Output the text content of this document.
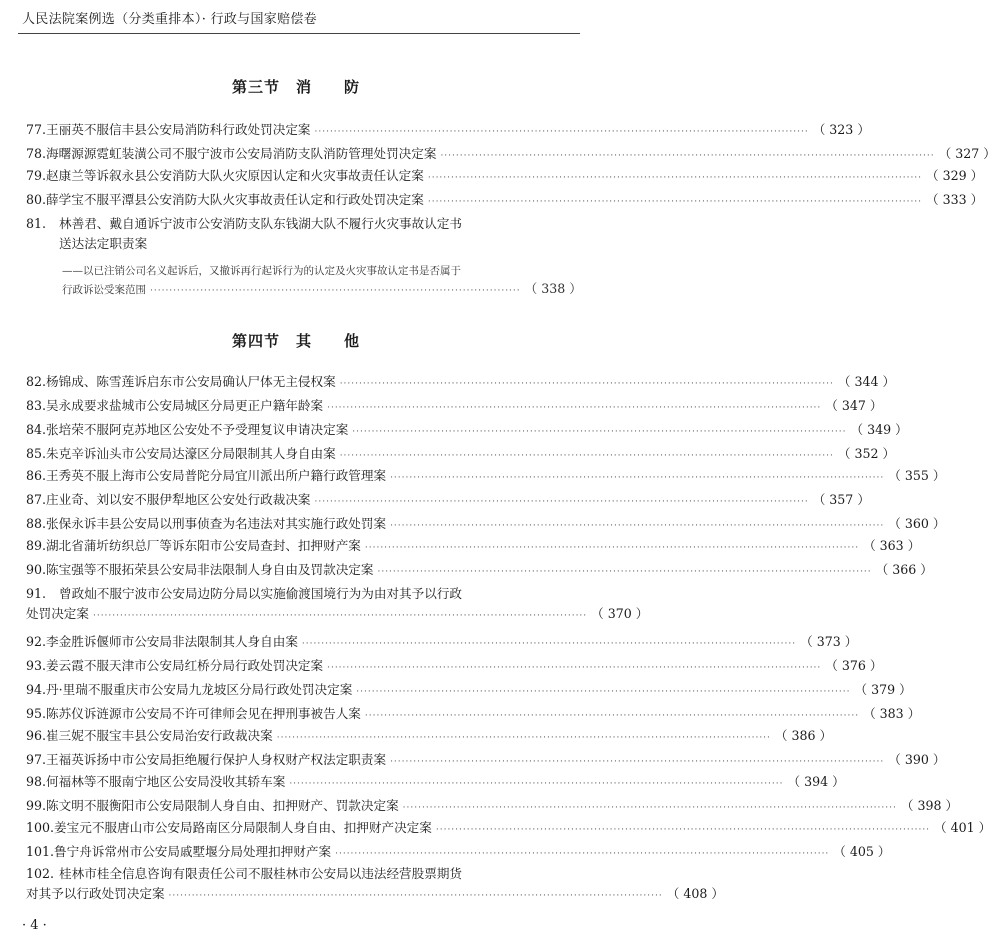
人民法院案例选（分类重排本）· 行政与国家赔偿卷
第三节　消　　防
77. 王丽英不服信丰县公安局消防科行政处罚决定案 ································································································································ （ 323 ）
78. 海曙源源霓虹装潢公司不服宁波市公安局消防支队消防管理处罚决定案 ································································································································ （ 327 ）
79. 赵康兰等诉叙永县公安消防大队火灾原因认定和火灾事故责任认定案 ································································································································ （ 329 ）
80. 薛学宝不服平潭县公安消防大队火灾事故责任认定和行政处罚决定案 ································································································································ （ 333 ）
81.	林善君、戴自通诉宁波市公安消防支队东钱湖大队不履行火灾事故认定书
送达法定职责案
82. 杨锦成、陈雪莲诉启东市公安局确认尸体无主侵权案 ································································································································ （ 344 ）
83. 吴永成要求盐城市公安局城区分局更正户籍年龄案 ································································································································ （ 347 ）
84. 张培荣不服阿克苏地区公安处不予受理复议申请决定案 ································································································································ （ 349 ）
85. 朱克辛诉汕头市公安局达濠区分局限制其人身自由案 ································································································································ （ 352 ）
86. 王秀英不服上海市公安局普陀分局宜川派出所户籍行政管理案 ································································································································ （ 355 ）
87. 庄业奇、刘以安不服伊犁地区公安处行政裁决案 ································································································································ （ 357 ）
88. 张保永诉丰县公安局以刑事侦查为名违法对其实施行政处罚案 ································································································································ （ 360 ）
89. 湖北省蒲圻纺织总厂等诉东阳市公安局查封、扣押财产案 ································································································································ （ 363 ）
90. 陈宝强等不服拓荣县公安局非法限制人身自由及罚款决定案 ································································································································ （ 366 ）
91.	曾政灿不服宁波市公安局边防分局以实施偷渡国境行为为由对其予以行政
处罚决定案 ································································································································ （ 370 ）
92. 李金胜诉偃师市公安局非法限制其人身自由案 ································································································································ （ 373 ）
93. 姜云霞不服天津市公安局红桥分局行政处罚决定案 ································································································································ （ 376 ）
94. 丹·里瑞不服重庆市公安局九龙坡区分局行政处罚决定案 ································································································································ （ 379 ）
95. 陈苏仪诉涟源市公安局不许可律师会见在押刑事被告人案 ································································································································ （ 383 ）
96. 崔三妮不服宝丰县公安局治安行政裁决案 ································································································································ （ 386 ）
97. 王福英诉扬中市公安局拒绝履行保护人身权财产权法定职责案 ································································································································ （ 390 ）
98. 何福林等不服南宁地区公安局没收其轿车案 ································································································································ （ 394 ）
99. 陈文明不服衡阳市公安局限制人身自由、扣押财产、罚款决定案 ································································································································ （ 398 ）
100. 姜宝元不服唐山市公安局路南区分局限制人身自由、扣押财产决定案 ································································································································ （ 401 ）
101. 鲁宁舟诉常州市公安局戚墅堰分局处理扣押财产案 ································································································································ （ 405 ）
102. 桂林市桂全信息咨询有限责任公司不服桂林市公安局以违法经营股票期货
对其予以行政处罚决定案 ································································································································ （ 408 ）
——以已注销公司名义起诉后，又撤诉再行起诉行为的认定及火灾事故认定书是否属于
行政诉讼受案范围 ································································································ （ 338 ）
第四节　其　　他
· 4 ·
